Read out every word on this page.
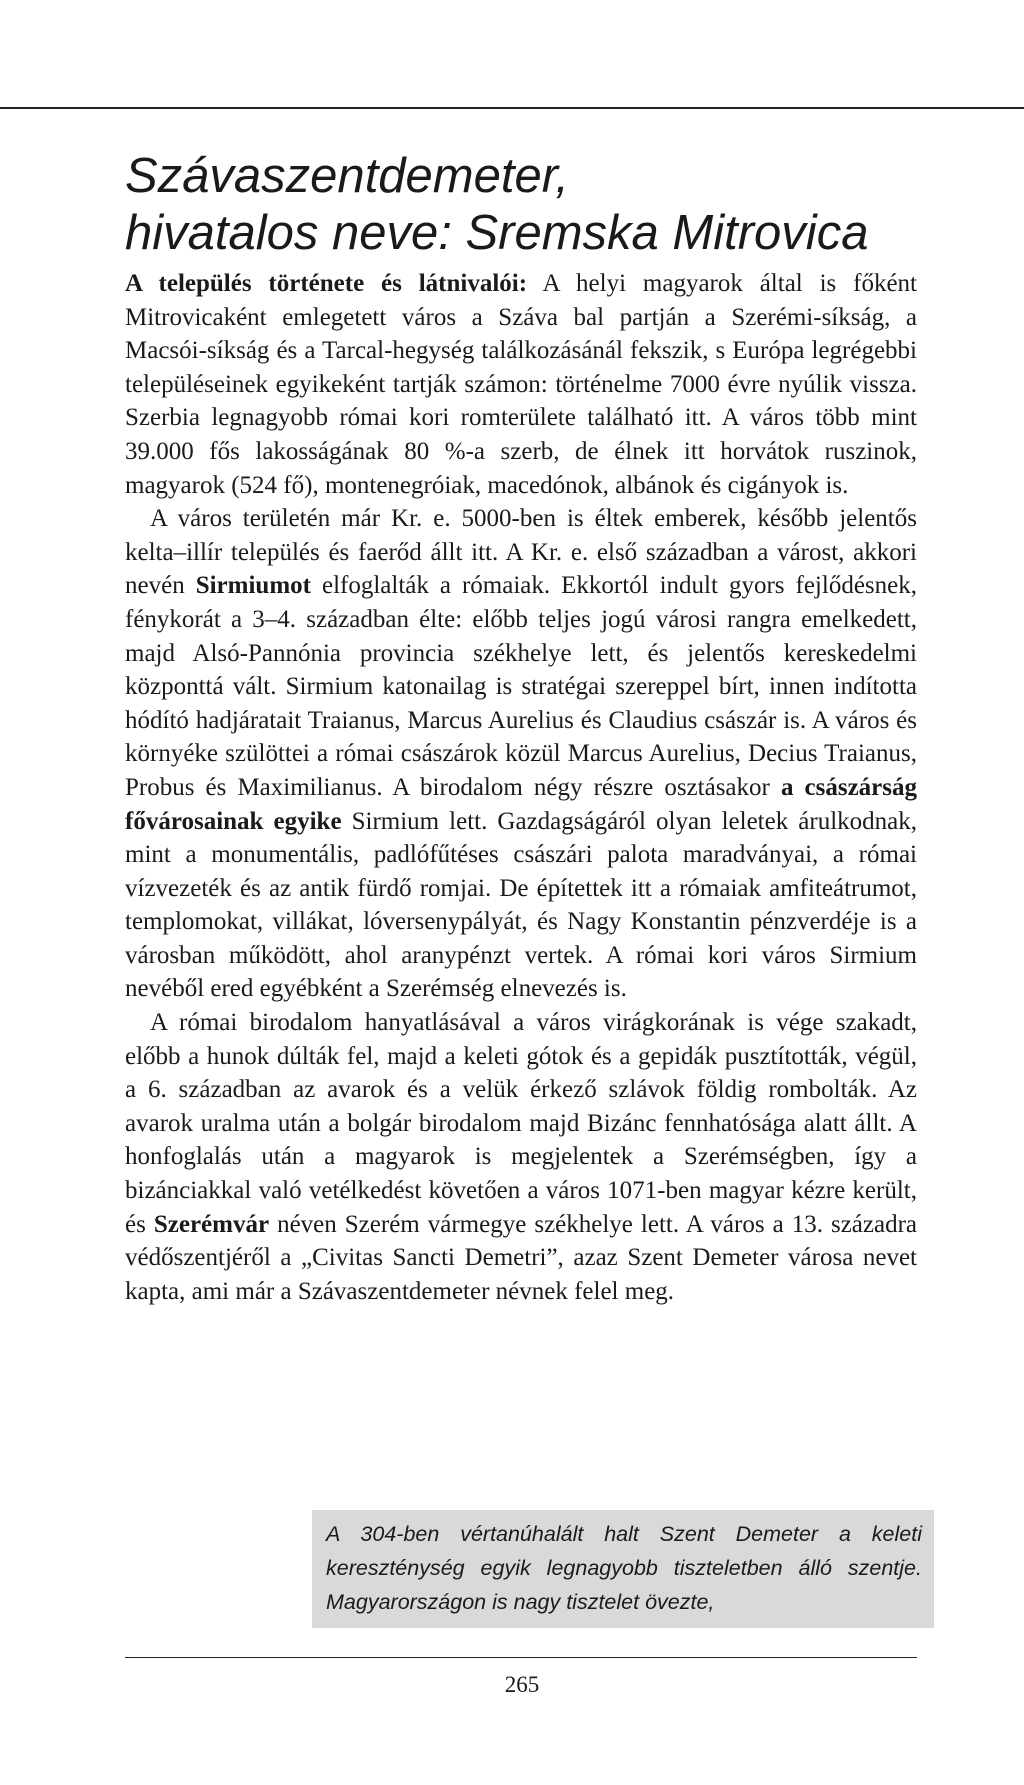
Szávaszentdemeter,
hivatalos neve: Sremska Mitrovica

A település története és látnivalói: A helyi magyarok által is főként Mitrovicaként emlegetett város a Száva bal partján a Szerémi-síkság, a Macsói-síkság és a Tarcal-hegység találkozásánál fekszik, s Európa legrégebbi településeinek egyikeként tartják számon: történelme 7000 évre nyúlik vissza. Szerbia legnagyobb római kori romterülete található itt. A város több mint 39.000 fős lakosságának 80 %-a szerb, de élnek itt horvátok ruszinok, magyarok (524 fő), montenegróiak, macedónok, albánok és cigányok is.

A város területén már Kr. e. 5000-ben is éltek emberek, később jelentős kelta–illír település és faerőd állt itt. A Kr. e. első században a várost, akkori nevén Sirmiumot elfoglalták a rómaiak. Ekkortól indult gyors fejlődésnek, fénykorát a 3–4. században élte: előbb teljes jogú városi rangra emelkedett, majd Alsó-Pannónia provincia székhelye lett, és jelentős kereskedelmi központtá vált. Sirmium katonailag is stratégai szereppel bírt, innen indította hódító hadjáratait Traianus, Marcus Aurelius és Claudius császár is. A város és környéke szülöttei a római császárok közül Marcus Aurelius, Decius Traianus, Probus és Maximilianus. A birodalom négy részre osztásakor a császárság fővárosainak egyike Sirmium lett. Gazdagságáról olyan leletek árulkodnak, mint a monumentális, padlófűtéses császári palota maradványai, a római vízvezeték és az antik fürdő romjai. De építettek itt a rómaiak amfiteátrumot, templomokat, villákat, lóversenypályát, és Nagy Konstantin pénzverdéje is a városban működött, ahol aranypénzt vertek. A római kori város Sirmium nevéből ered egyébként a Szerémség elnevezés is.

A római birodalom hanyatlásával a város virágkorának is vége szakadt, előbb a hunok dúlták fel, majd a keleti gótok és a gepidák pusztították, végül, a 6. században az avarok és a velük érkező szlávok földig rombolták. Az avarok uralma után a bolgár birodalom majd Bizánc fennhatósága alatt állt. A honfoglalás után a magyarok is megjelentek a Szerémségben, így a bizánciakkal való vetélkedést követően a város 1071-ben magyar kézre került, és Szerémvár néven Szerém vármegye székhelye lett. A város a 13. századra védőszentjéről a „Civitas Sancti Demetri”, azaz Szent Demeter városa nevet kapta, ami már a Szávaszentdemeter névnek felel meg.

A 304-ben vértanúhalált halt Szent Demeter a keleti kereszténység egyik legnagyobb tiszteletben álló szentje. Magyarországon is nagy tisztelet övezte,
265
